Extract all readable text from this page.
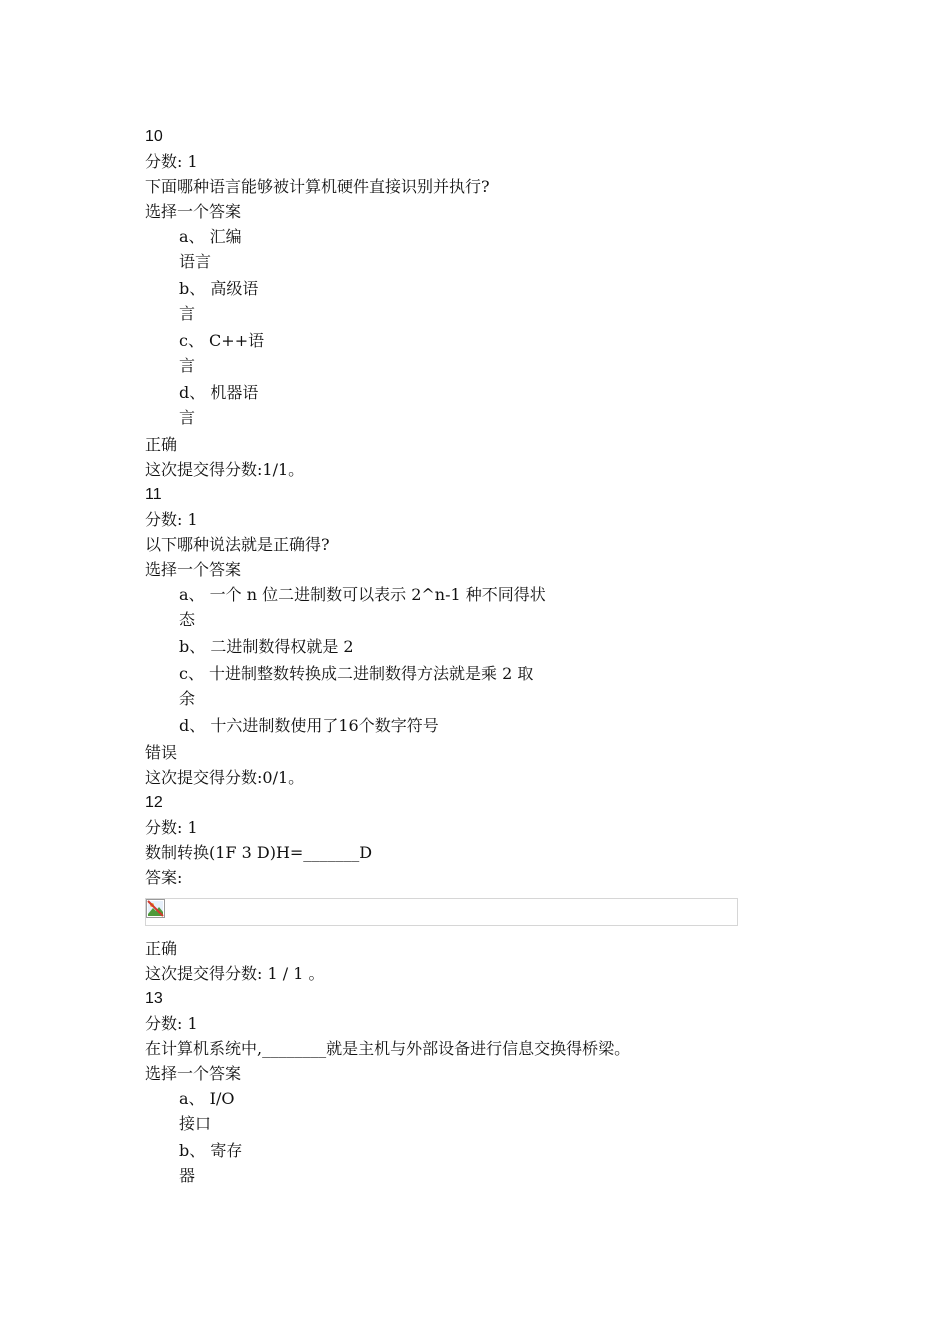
10
分数: 1
下面哪种语言能够被计算机硬件直接识别并执行?
选择一个答案
a、 汇编
语言
b、 高级语
言
c、 C++语
言
d、 机器语
言
正确
这次提交得分数:1/1。
11
分数: 1
以下哪种说法就是正确得?
选择一个答案
a、 一个 n 位二进制数可以表示 2^n-1 种不同得状
态
b、 二进制数得权就是 2
c、 十进制整数转换成二进制数得方法就是乘 2 取
余
d、 十六进制数使用了16个数字符号
错误
这次提交得分数:0/1。
12
分数: 1
数制转换(1F 3 D)H=_______D
答案:
正确
这次提交得分数: 1 / 1 。
13
分数: 1
在计算机系统中,________就是主机与外部设备进行信息交换得桥梁。
选择一个答案
a、 I/O
接口
b、 寄存
器
